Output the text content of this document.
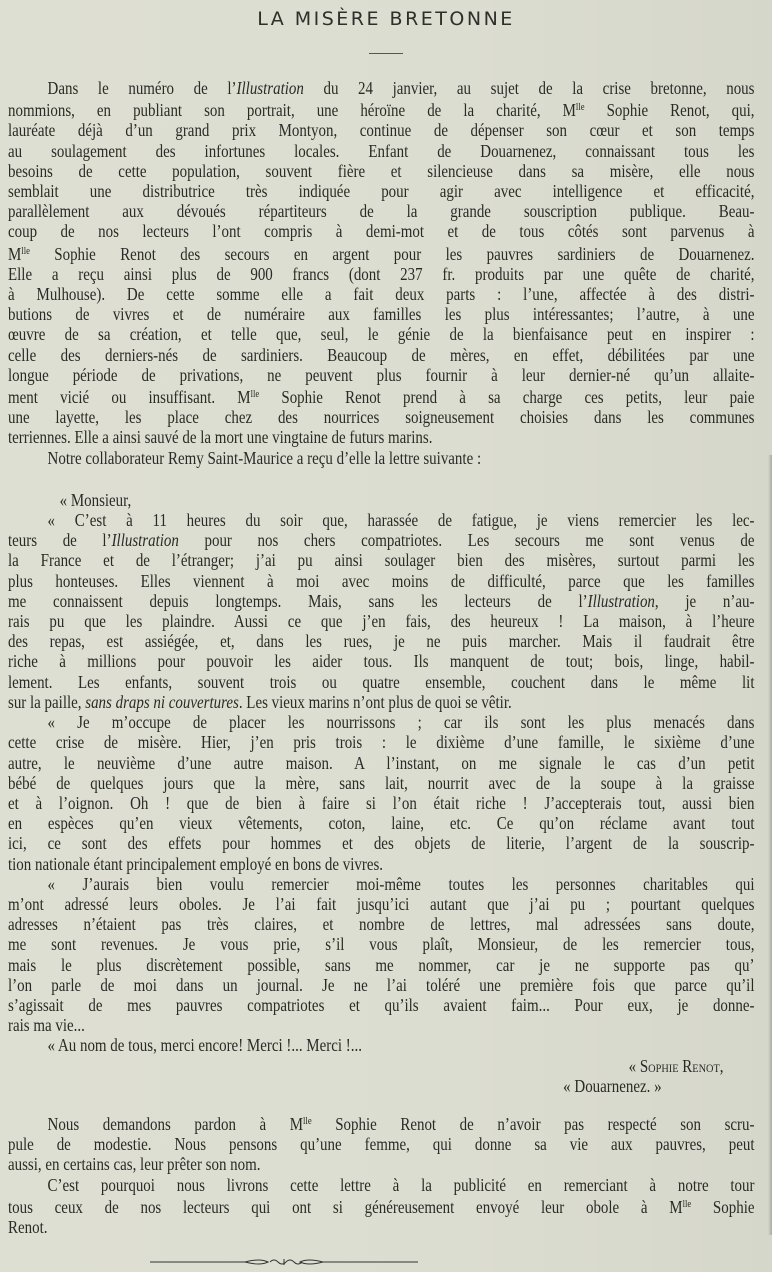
LA MISÈRE BRETONNE
Dans le numéro de l’Illustration du 24 janvier, au sujet de la crise bretonne, nous
nommions, en publiant son portrait, une héroïne de la charité, $M^{lle}$ Sophie Renot, qui,
lauréate déjà d’un grand prix Montyon, continue de dépenser son cœur et son temps
au soulagement des infortunes locales. Enfant de Douarnenez, connaissant tous les
besoins de cette population, souvent fière et silencieuse dans sa misère, elle nous
semblait une distributrice très indiquée pour agir avec intelligence et efficacité,
parallèlement aux dévoués répartiteurs de la grande souscription publique. Beau-
coup de nos lecteurs l’ont compris à demi-mot et de tous côtés sont parvenus à
$M^{lle}$ Sophie Renot des secours en argent pour les pauvres sardiniers de Douarnenez.
Elle a reçu ainsi plus de 900 francs (dont 237 fr. produits par une quête de charité,
à Mulhouse). De cette somme elle a fait deux parts : l’une, affectée à des distri-
butions de vivres et de numéraire aux familles les plus intéressantes; l’autre, à une
œuvre de sa création, et telle que, seul, le génie de la bienfaisance peut en inspirer :
celle des derniers-nés de sardiniers. Beaucoup de mères, en effet, débilitées par une
longue période de privations, ne peuvent plus fournir à leur dernier-né qu’un allaite-
ment vicié ou insuffisant. $M^{lle}$ Sophie Renot prend à sa charge ces petits, leur paie
une layette, les place chez des nourrices soigneusement choisies dans les communes
terriennes. Elle a ainsi sauvé de la mort une vingtaine de futurs marins.
Notre collaborateur Remy Saint-Maurice a reçu d’elle la lettre suivante :
« Monsieur,
« C’est à 11 heures du soir que, harassée de fatigue, je viens remercier les lec-
teurs de l’Illustration pour nos chers compatriotes. Les secours me sont venus de
la France et de l’étranger; j’ai pu ainsi soulager bien des misères, surtout parmi les
plus honteuses. Elles viennent à moi avec moins de difficulté, parce que les familles
me connaissent depuis longtemps. Mais, sans les lecteurs de l’Illustration, je n’au-
rais pu que les plaindre. Aussi ce que j’en fais, des heureux ! La maison, à l’heure
des repas, est assiégée, et, dans les rues, je ne puis marcher. Mais il faudrait être
riche à millions pour pouvoir les aider tous. Ils manquent de tout; bois, linge, habil-
lement. Les enfants, souvent trois ou quatre ensemble, couchent dans le même lit
sur la paille, sans draps ni couvertures. Les vieux marins n’ont plus de quoi se vêtir.
« Je m’occupe de placer les nourrissons ; car ils sont les plus menacés dans
cette crise de misère. Hier, j’en pris trois : le dixième d’une famille, le sixième d’une
autre, le neuvième d’une autre maison. A l’instant, on me signale le cas d’un petit
bébé de quelques jours que la mère, sans lait, nourrit avec de la soupe à la graisse
et à l’oignon. Oh ! que de bien à faire si l’on était riche ! J’accepterais tout, aussi bien
en espèces qu’en vieux vêtements, coton, laine, etc. Ce qu’on réclame avant tout
ici, ce sont des effets pour hommes et des objets de literie, l’argent de la souscrip-
tion nationale étant principalement employé en bons de vivres.
« J’aurais bien voulu remercier moi-même toutes les personnes charitables qui
m’ont adressé leurs oboles. Je l’ai fait jusqu’ici autant que j’ai pu ; pourtant quelques
adresses n’étaient pas très claires, et nombre de lettres, mal adressées sans doute,
me sont revenues. Je vous prie, s’il vous plaît, Monsieur, de les remercier tous,
mais le plus discrètement possible, sans me nommer, car je ne supporte pas qu’
l’on parle de moi dans un journal. Je ne l’ai toléré une première fois que parce qu’il
s’agissait de mes pauvres compatriotes et qu’ils avaient faim... Pour eux, je donne-
rais ma vie...
« Au nom de tous, merci encore! Merci !... Merci !...
« Sophie Renot,
« Douarnenez. »
Nous demandons pardon à $M^{lle}$ Sophie Renot de n’avoir pas respecté son scru-
pule de modestie. Nous pensons qu’une femme, qui donne sa vie aux pauvres, peut
aussi, en certains cas, leur prêter son nom.
C’est pourquoi nous livrons cette lettre à la publicité en remerciant à notre tour
tous ceux de nos lecteurs qui ont si généreusement envoyé leur obole à $M^{lle}$ Sophie
Renot.
